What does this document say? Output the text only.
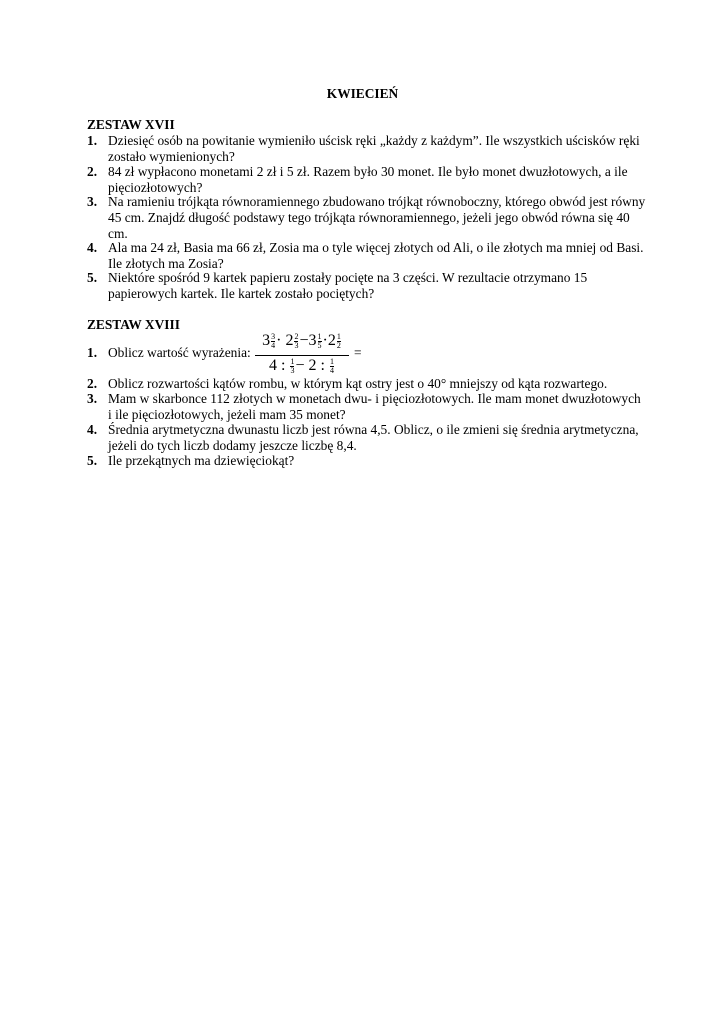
KWIECIEŃ
ZESTAW XVII
1. Dziesięć osób na powitanie wymieniło uścisk ręki „każdy z każdym”. Ile wszystkich uścisków ręki zostało wymienionych?
2. 84 zł wypłacono monetami 2 zł i 5 zł. Razem było 30 monet. Ile było monet dwuzłotowych, a ile pięciozłotowych?
3. Na ramieniu trójkąta równoramiennego zbudowano trójkąt równoboczny, którego obwód jest równy 45 cm. Znajdź długość podstawy tego trójkąta równoramiennego, jeżeli jego obwód równa się 40 cm.
4. Ala ma 24 zł, Basia ma 66 zł, Zosia ma o tyle więcej złotych od Ali, o ile złotych ma mniej od Basi. Ile złotych ma Zosia?
5. Niektóre spośród 9 kartek papieru zostały pocięte na 3 części. W rezultacie otrzymano 15 papierowych kartek. Ile kartek zostało pociętych?
ZESTAW XVIII
1. Oblicz wartość wyrażenia:
$3 \frac{3}{4} \cdot 2 \frac{2}{3} -3 \frac{1}{5} \cdot 2 \frac{1}{2}$
4 : $\frac{1}{3} - 2$ : $\frac{1}{4}$
=
2. Oblicz rozwartości kątów rombu, w którym kąt ostry jest o 40° mniejszy od kąta rozwartego.
3. Mam w skarbonce 112 złotych w monetach dwu- i pięciozłotowych. Ile mam monet dwuzłotowych i ile pięciozłotowych, jeżeli mam 35 monet?
4. Średnia arytmetyczna dwunastu liczb jest równa 4,5. Oblicz, o ile zmieni się średnia arytmetyczna, jeżeli do tych liczb dodamy jeszcze liczbę 8,4.
5. Ile przekątnych ma dziewięciokąt?
